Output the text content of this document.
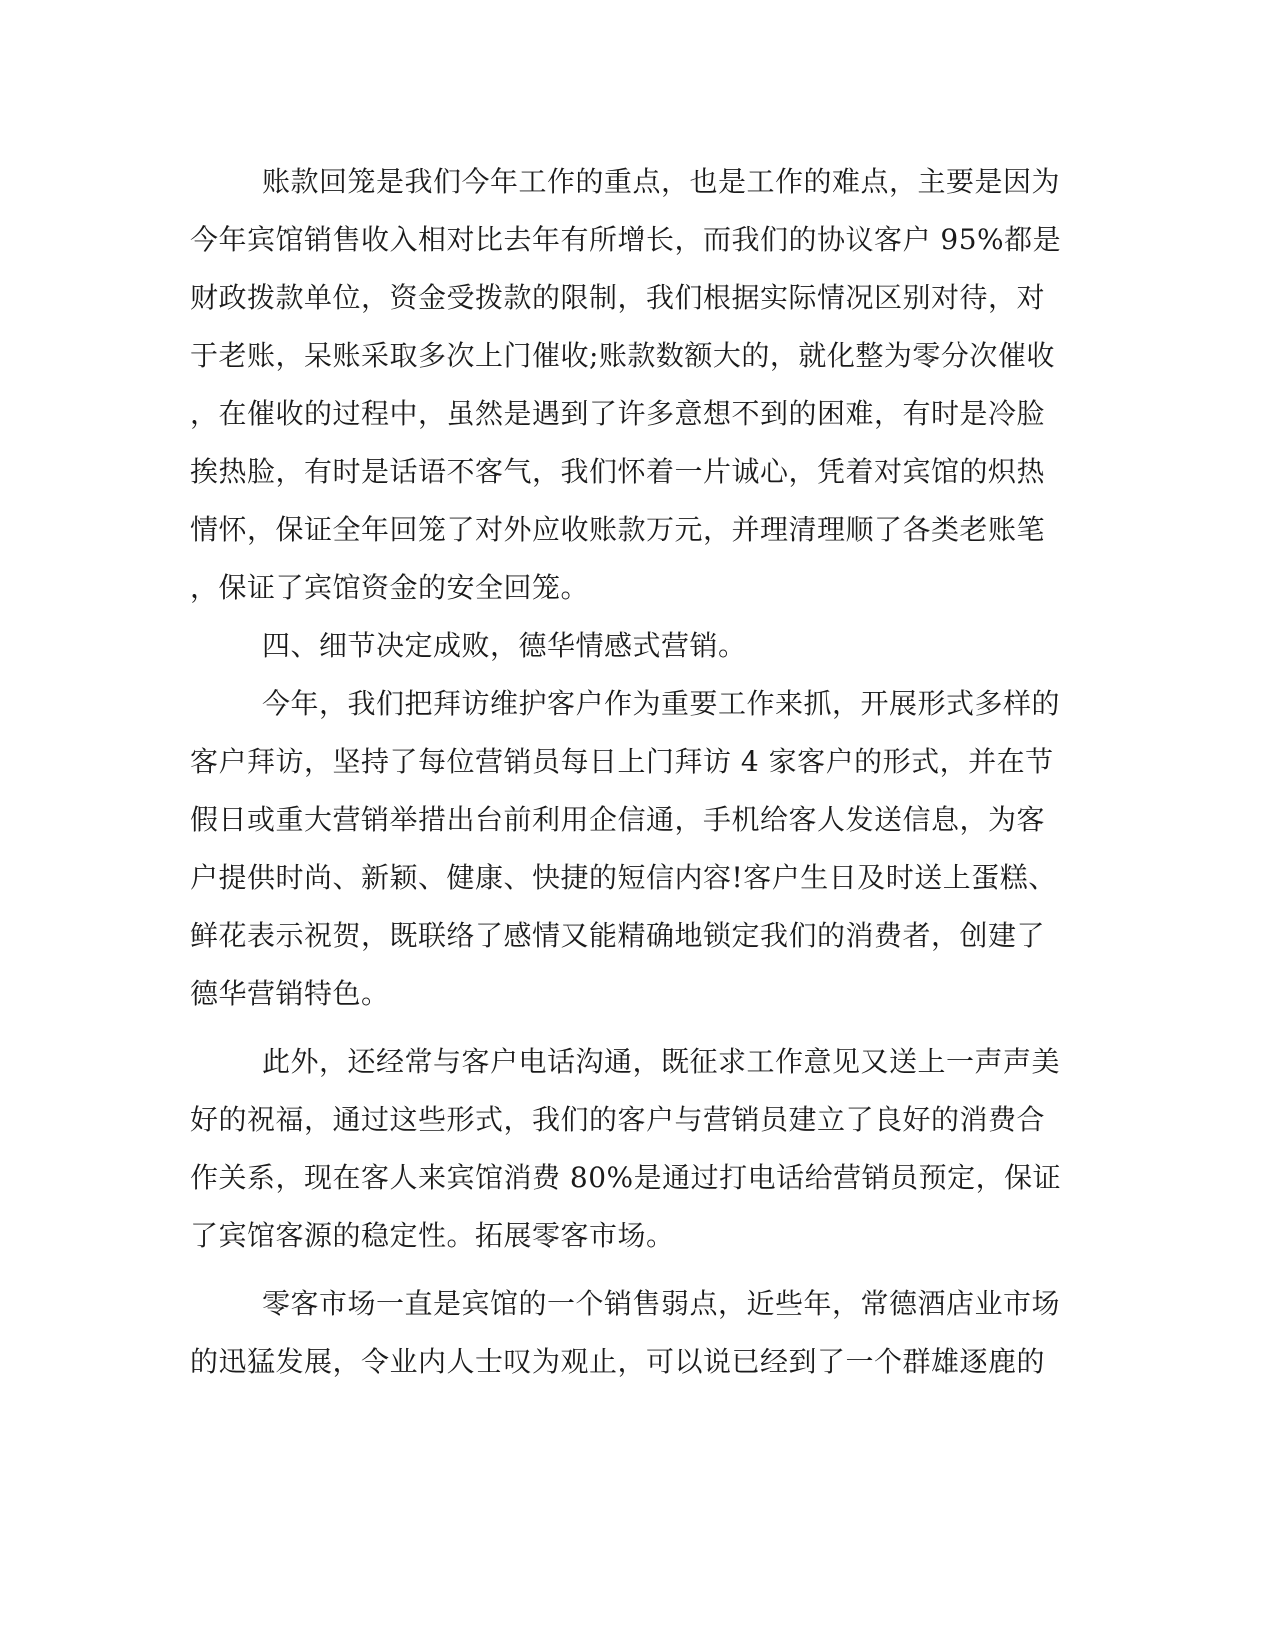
账款回笼是我们今年工作的重点，也是工作的难点，主要是因为
今年宾馆销售收入相对比去年有所增长，而我们的协议客户 95%都是
财政拨款单位，资金受拨款的限制，我们根据实际情况区别对待，对
于老账，呆账采取多次上门催收;账款数额大的，就化整为零分次催收
，在催收的过程中，虽然是遇到了许多意想不到的困难，有时是冷脸
挨热脸，有时是话语不客气，我们怀着一片诚心，凭着对宾馆的炽热
情怀，保证全年回笼了对外应收账款万元，并理清理顺了各类老账笔
，保证了宾馆资金的安全回笼。
四、细节决定成败，德华情感式营销。
今年，我们把拜访维护客户作为重要工作来抓，开展形式多样的
客户拜访，坚持了每位营销员每日上门拜访 4 家客户的形式，并在节
假日或重大营销举措出台前利用企信通，手机给客人发送信息，为客
户提供时尚、新颖、健康、快捷的短信内容!客户生日及时送上蛋糕、
鲜花表示祝贺，既联络了感情又能精确地锁定我们的消费者，创建了
德华营销特色。
此外，还经常与客户电话沟通，既征求工作意见又送上一声声美
好的祝福，通过这些形式，我们的客户与营销员建立了良好的消费合
作关系，现在客人来宾馆消费 80%是通过打电话给营销员预定，保证
了宾馆客源的稳定性。拓展零客市场。
零客市场一直是宾馆的一个销售弱点，近些年，常德酒店业市场
的迅猛发展，令业内人士叹为观止，可以说已经到了一个群雄逐鹿的
